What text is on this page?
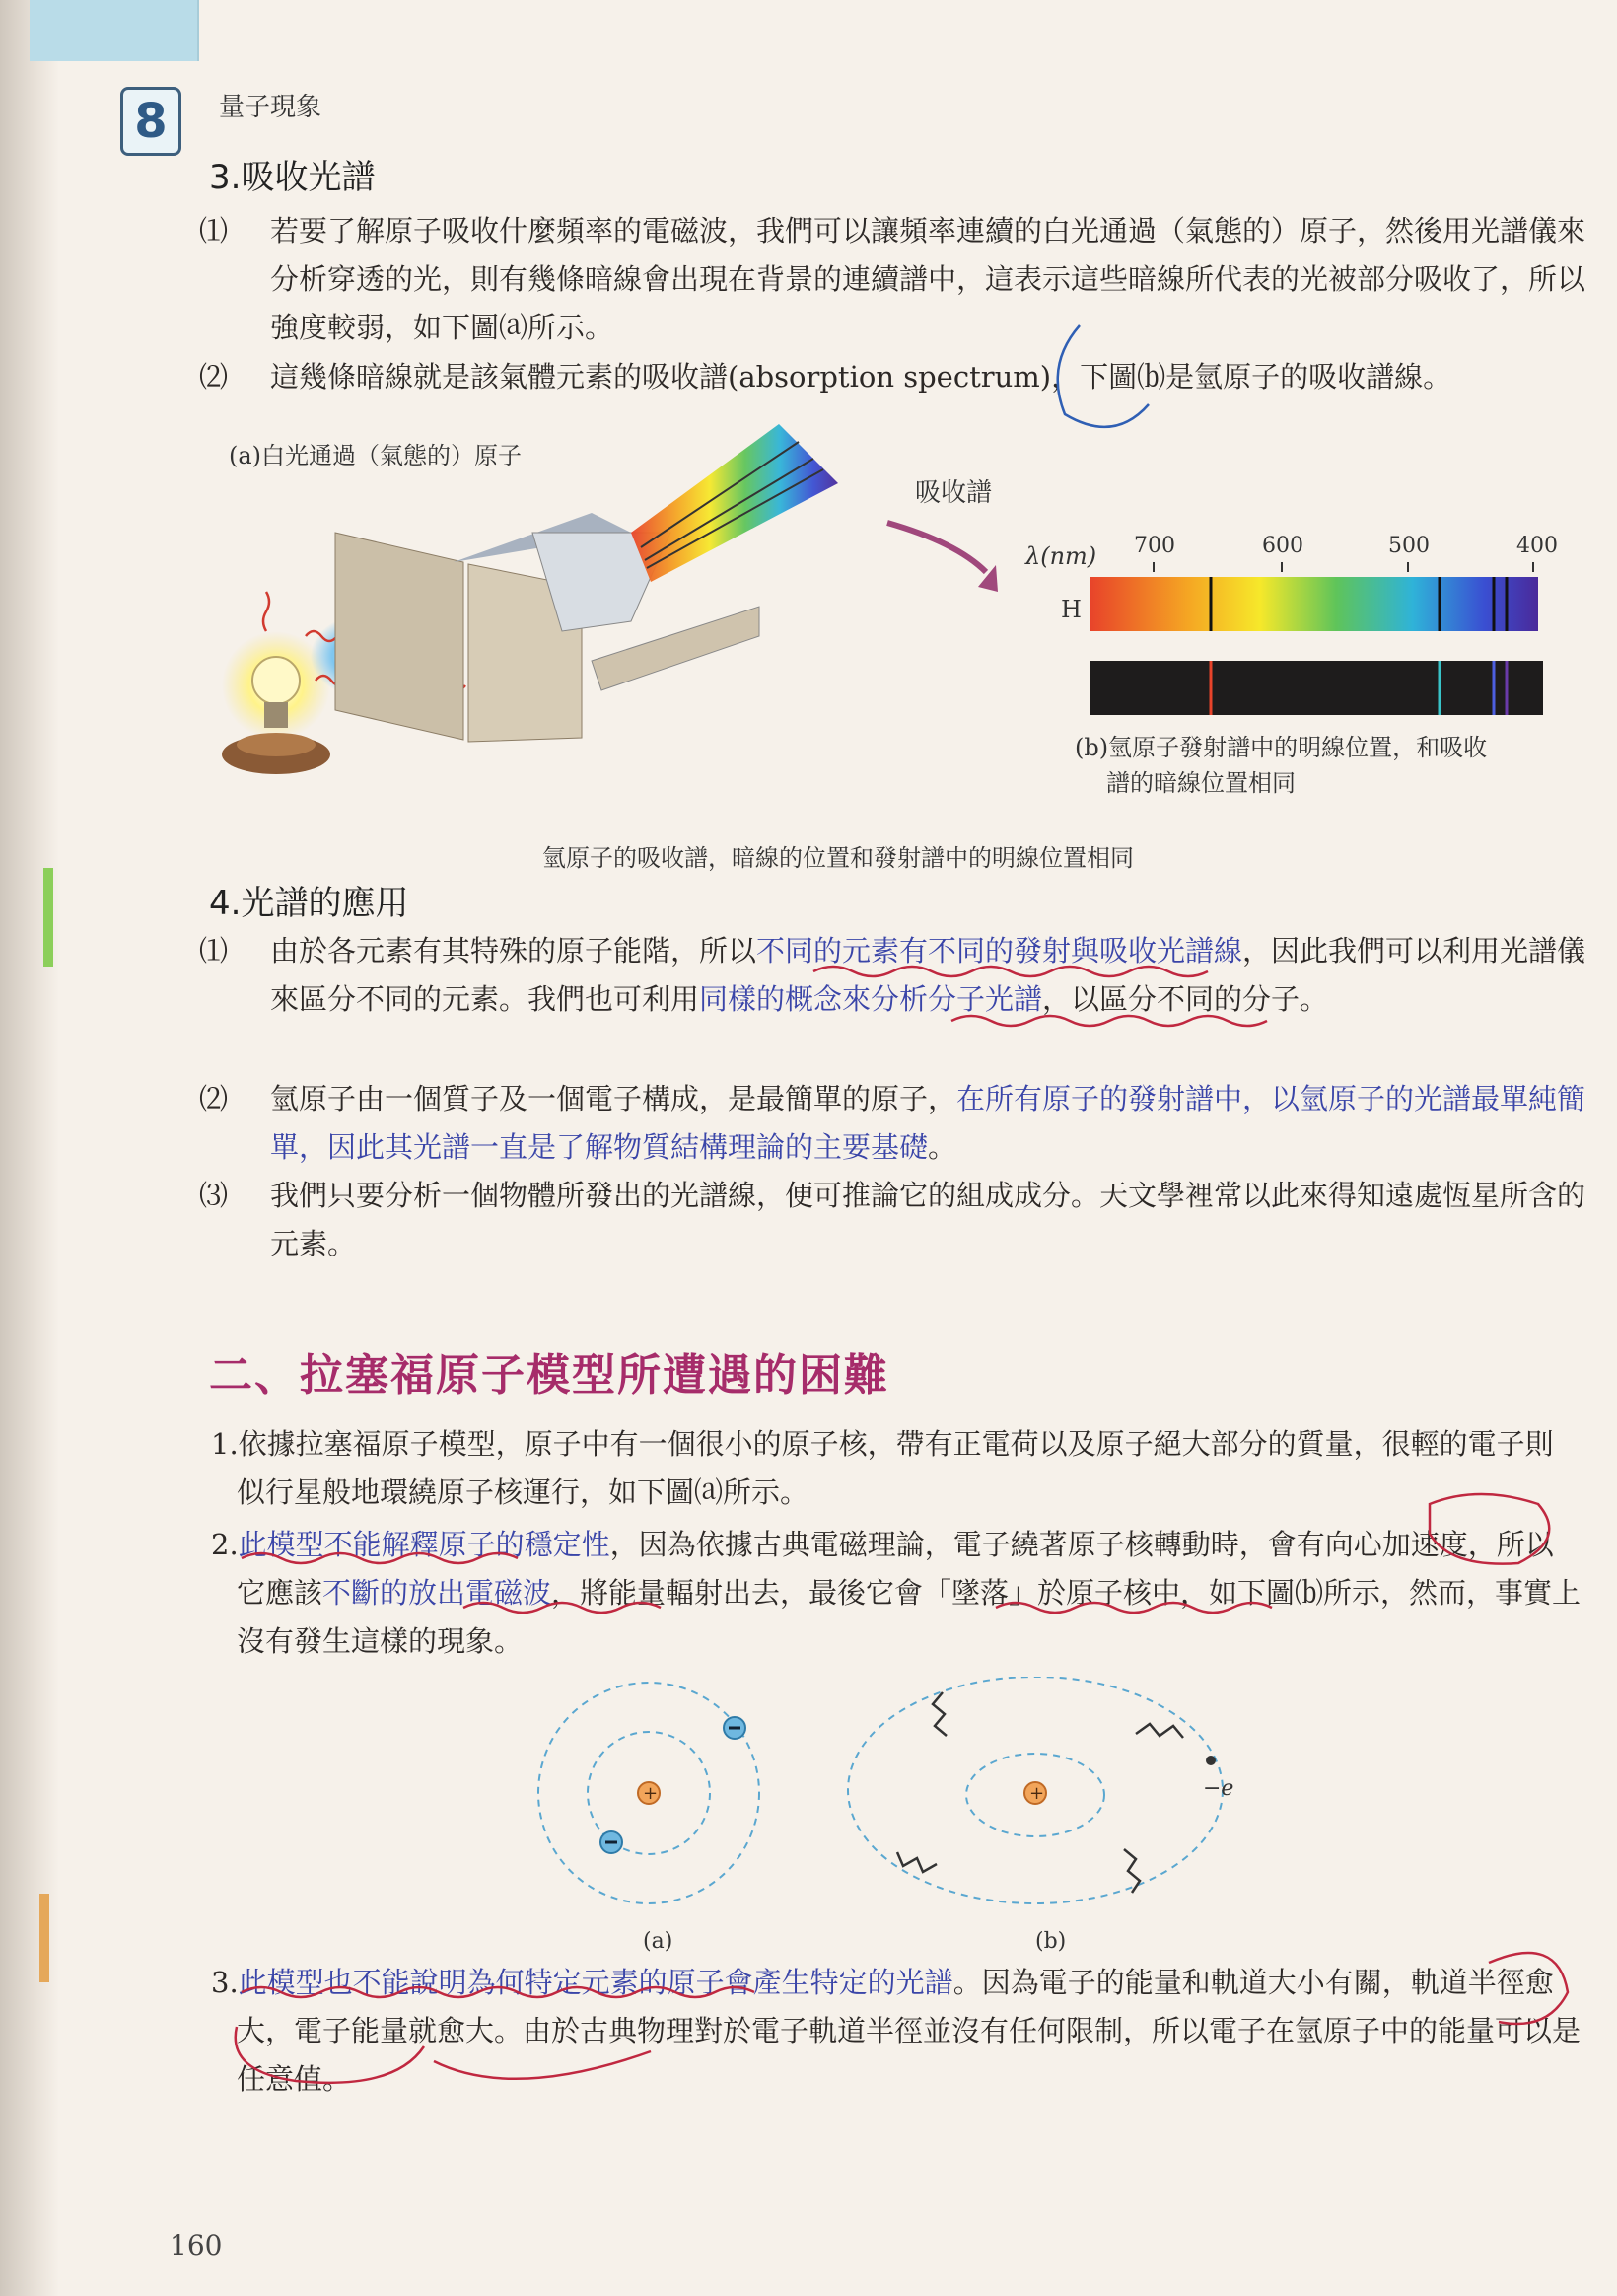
8	量子現象
3.吸收光譜
⑴ 若要了解原子吸收什麼頻率的電磁波，我們可以讓頻率連續的白光通過（氣態的）原子，然後用光譜儀來分析穿透的光，則有幾條暗線會出現在背景的連續譜中，這表示這些暗線所代表的光被部分吸收了，所以強度較弱，如下圖⒜所示。
⑵ 這幾條暗線就是該氣體元素的吸收譜(absorption spectrum)，下圖⒝是氫原子的吸收譜線。
(a)白光通過（氣態的）原子
吸收譜
λ(nm) 700	600	500	400
H
(b)氫原子發射譜中的明線位置，和吸收
譜的暗線位置相同
氫原子的吸收譜，暗線的位置和發射譜中的明線位置相同
4.光譜的應用
⑴ 由於各元素有其特殊的原子能階，所以不同的元素有不同的發射與吸收光譜線，因此我們可以利用光譜儀來區分不同的元素。我們也可利用同樣的概念來分析分子光譜，以區分不同的分子。
⑵ 氫原子由一個質子及一個電子構成，是最簡單的原子，在所有原子的發射譜中，以氫原子的光譜最單純簡單，因此其光譜一直是了解物質結構理論的主要基礎。
⑶ 我們只要分析一個物體所發出的光譜線，便可推論它的組成成分。天文學裡常以此來得知遠處恆星所含的元素。
二、拉塞福原子模型所遭遇的困難
1.依據拉塞福原子模型，原子中有一個很小的原子核，帶有正電荷以及原子絕大部分的質量，很輕的電子則似行星般地環繞原子核運行，如下圖⒜所示。
2.此模型不能解釋原子的穩定性，因為依據古典電磁理論，電子繞著原子核轉動時，會有向心加速度，所以它應該不斷的放出電磁波，將能量輻射出去，最後它會「墜落」於原子核中，如下圖⒝所示，然而，事實上沒有發生這樣的現象。
+
(a)
+	−e
(b)
3.此模型也不能說明為何特定元素的原子會產生特定的光譜。因為電子的能量和軌道大小有關，軌道半徑愈大，電子能量就愈大。由於古典物理對於電子軌道半徑並沒有任何限制，所以電子在氫原子中的能量可以是任意值。
160
